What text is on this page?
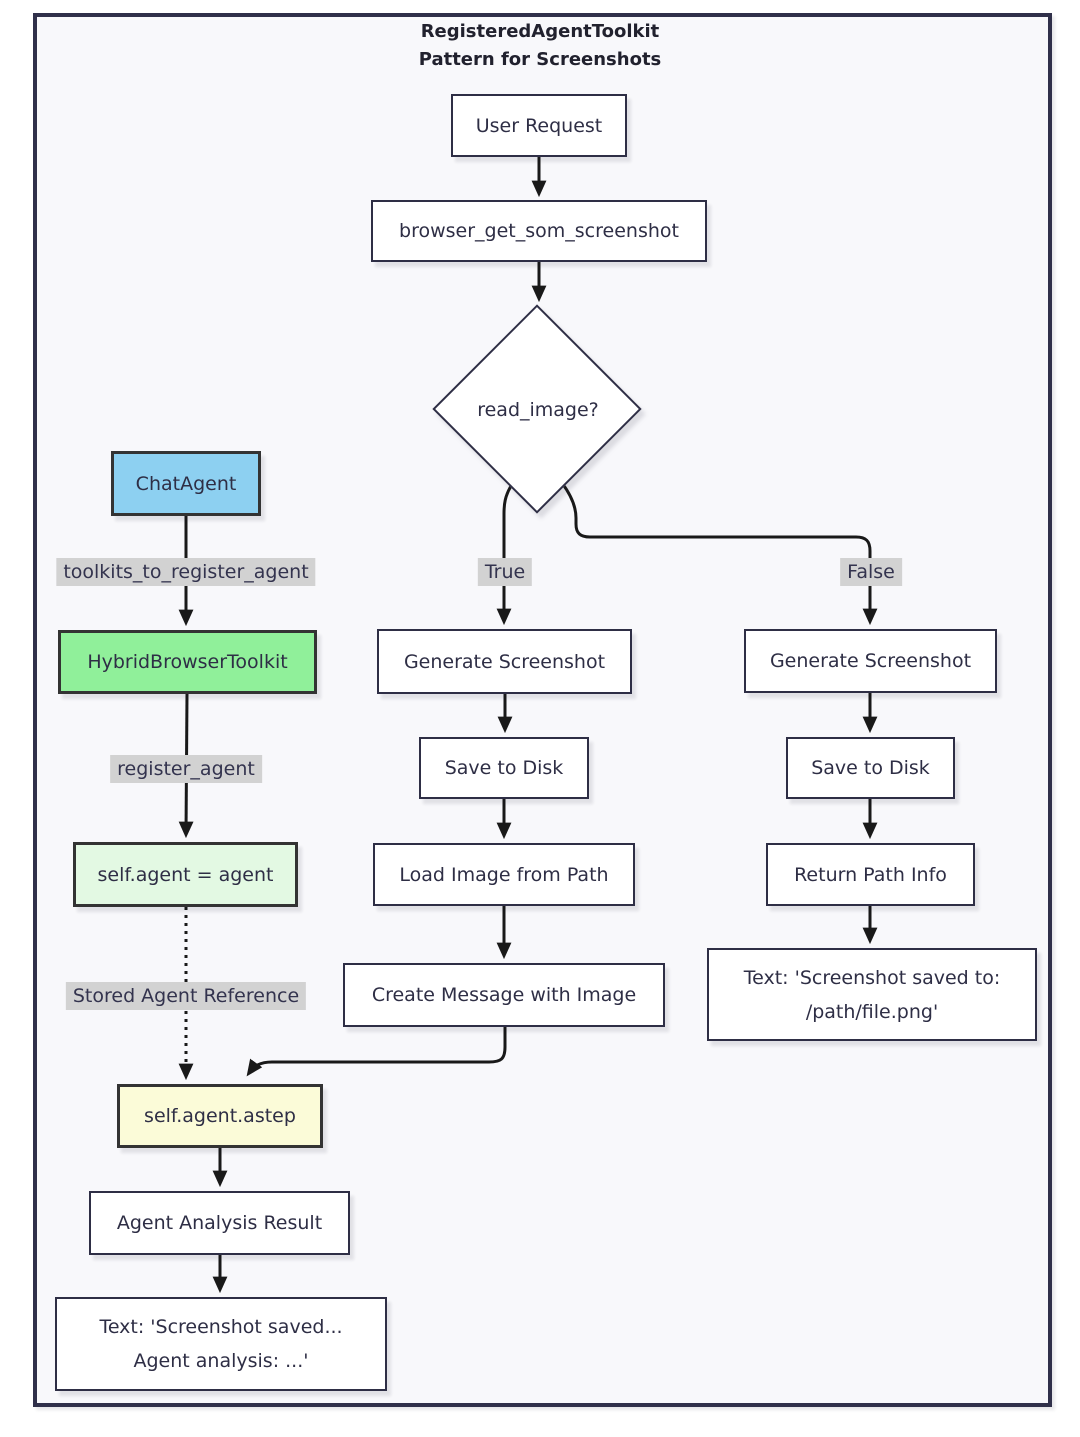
RegisteredAgentToolkit
Pattern for Screenshots
User Request
browser_get_som_screenshot
read_image?
Generate Screenshot
Save to Disk
Load Image from Path
Create Message with Image
Generate Screenshot
Save to Disk
Return Path Info
Text: 'Screenshot saved to:
/path/file.png'
ChatAgent
HybridBrowserToolkit
self.agent = agent
self.agent.astep
Agent Analysis Result
Text: 'Screenshot saved...
Agent analysis: ...'
toolkits_to_register_agent
register_agent
Stored Agent Reference
True	False
